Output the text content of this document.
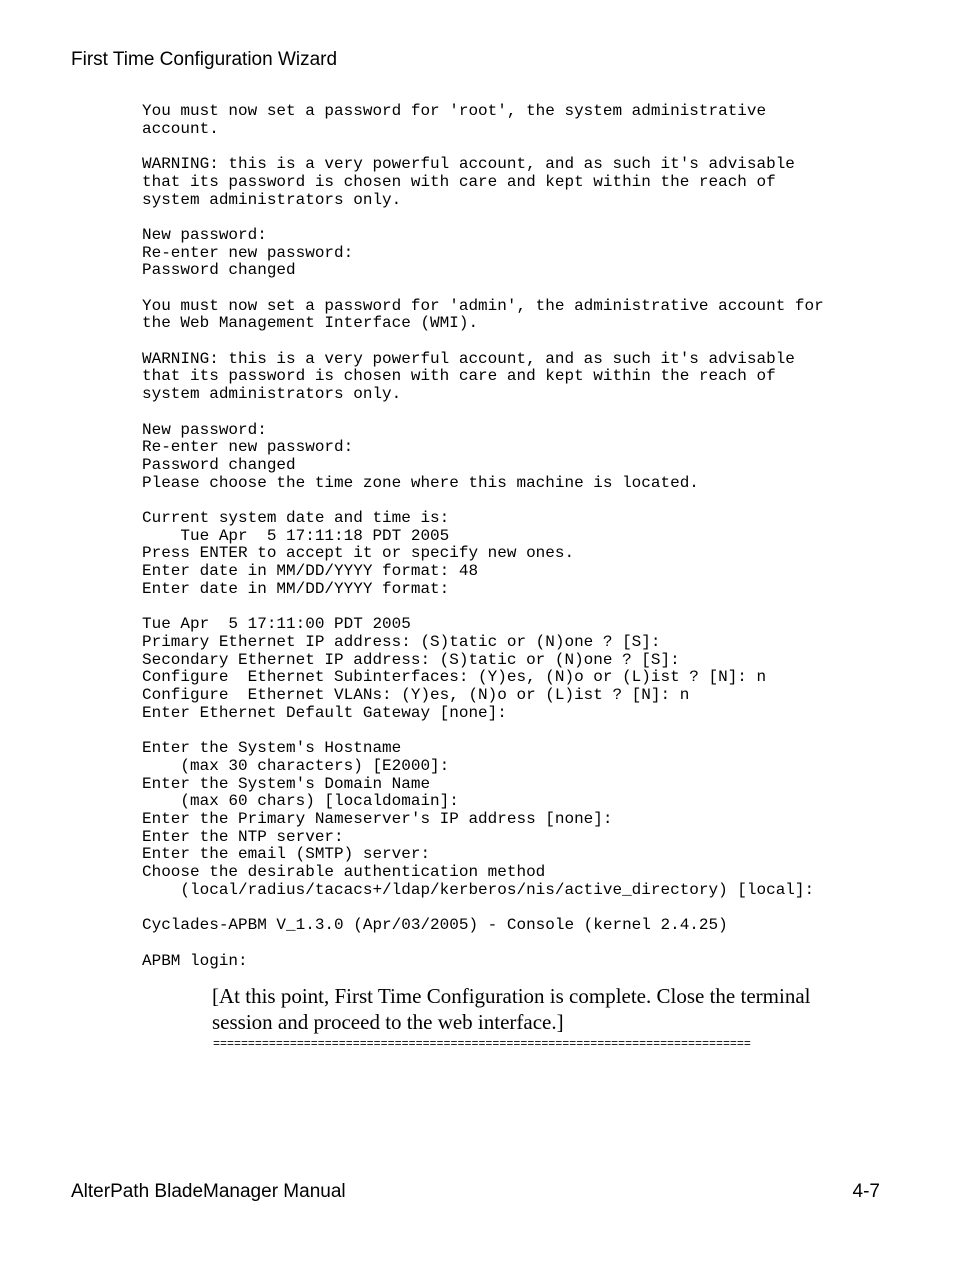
First Time Configuration Wizard
You must now set a password for 'root', the system administrative
account.
WARNING: this is a very powerful account, and as such it's advisable
that its password is chosen with care and kept within the reach of
system administrators only.
New password:
Re-enter new password:
Password changed
You must now set a password for 'admin', the administrative account for
the Web Management Interface (WMI).
WARNING: this is a very powerful account, and as such it's advisable
that its password is chosen with care and kept within the reach of
system administrators only.
New password:
Re-enter new password:
Password changed
Please choose the time zone where this machine is located.
Current system date and time is:
Tue Apr  5 17:11:18 PDT 2005
Press ENTER to accept it or specify new ones.
Enter date in MM/DD/YYYY format: 48
Enter date in MM/DD/YYYY format:
Tue Apr  5 17:11:00 PDT 2005
Primary Ethernet IP address: (S)tatic or (N)one ? [S]:
Secondary Ethernet IP address: (S)tatic or (N)one ? [S]:
Configure  Ethernet Subinterfaces: (Y)es, (N)o or (L)ist ? [N]: n
Configure  Ethernet VLANs: (Y)es, (N)o or (L)ist ? [N]: n
Enter Ethernet Default Gateway [none]:
Enter the System's Hostname
(max 30 characters) [E2000]:
Enter the System's Domain Name
(max 60 chars) [localdomain]:
Enter the Primary Nameserver's IP address [none]:
Enter the NTP server:
Enter the email (SMTP) server:
Choose the desirable authentication method
(local/radius/tacacs+/ldap/kerberos/nis/active_directory) [local]:
Cyclades-APBM V_1.3.0 (Apr/03/2005) - Console (kernel 2.4.25)
APBM login:
[At this point, First Time Configuration is complete. Close the terminal session and proceed to the web interface.]
=============================================================================
AlterPath BladeManager Manual	4-7
